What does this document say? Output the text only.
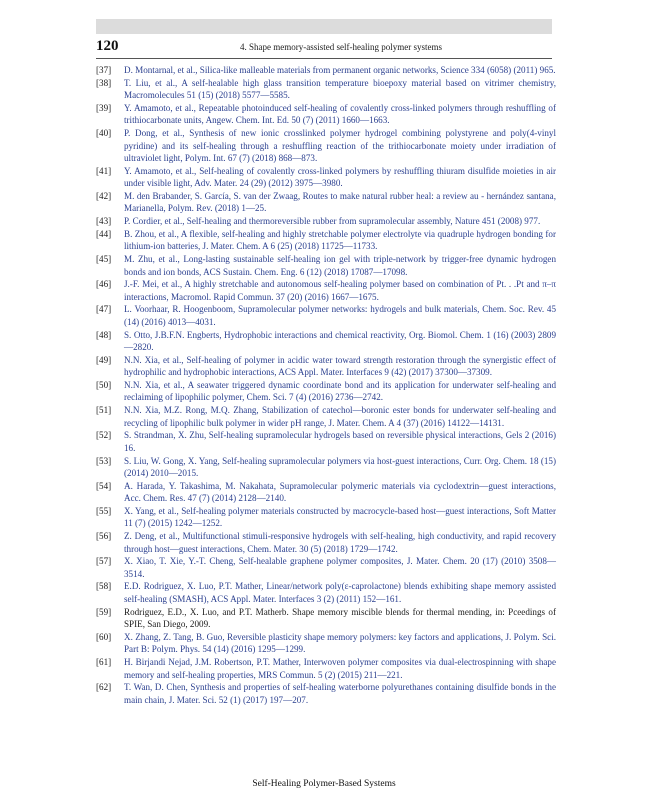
120	4. Shape memory-assisted self-healing polymer systems
[37]	D. Montarnal, et al., Silica-like malleable materials from permanent organic networks, Science 334 (6058) (2011) 965.
[38]	T. Liu, et al., A self-healable high glass transition temperature bioepoxy material based on vitrimer chemistry, Macromolecules 51 (15) (2018) 5577—5585.
[39]	Y. Amamoto, et al., Repeatable photoinduced self-healing of covalently cross-linked polymers through reshuffling of trithiocarbonate units, Angew. Chem. Int. Ed. 50 (7) (2011) 1660—1663.
[40]	P. Dong, et al., Synthesis of new ionic crosslinked polymer hydrogel combining polystyrene and poly(4-vinyl pyridine) and its self-healing through a reshuffling reaction of the trithiocarbonate moiety under irradiation of ultraviolet light, Polym. Int. 67 (7) (2018) 868—873.
[41]	Y. Amamoto, et al., Self-healing of covalently cross-linked polymers by reshuffling thiuram disulfide moieties in air under visible light, Adv. Mater. 24 (29) (2012) 3975—3980.
[42]	M. den Brabander, S. García, S. van der Zwaag, Routes to make natural rubber heal: a review au - hernández santana, Marianella, Polym. Rev. (2018) 1—25.
[43]	P. Cordier, et al., Self-healing and thermoreversible rubber from supramolecular assembly, Nature 451 (2008) 977.
[44]	B. Zhou, et al., A flexible, self-healing and highly stretchable polymer electrolyte via quadruple hydrogen bonding for lithium-ion batteries, J. Mater. Chem. A 6 (25) (2018) 11725—11733.
[45]	M. Zhu, et al., Long-lasting sustainable self-healing ion gel with triple-network by trigger-free dynamic hydrogen bonds and ion bonds, ACS Sustain. Chem. Eng. 6 (12) (2018) 17087—17098.
[46]	J.-F. Mei, et al., A highly stretchable and autonomous self-healing polymer based on combination of Pt. . .Pt and π–π interactions, Macromol. Rapid Commun. 37 (20) (2016) 1667—1675.
[47]	L. Voorhaar, R. Hoogenboom, Supramolecular polymer networks: hydrogels and bulk materials, Chem. Soc. Rev. 45 (14) (2016) 4013—4031.
[48]	S. Otto, J.B.F.N. Engberts, Hydrophobic interactions and chemical reactivity, Org. Biomol. Chem. 1 (16) (2003) 2809—2820.
[49]	N.N. Xia, et al., Self-healing of polymer in acidic water toward strength restoration through the synergistic effect of hydrophilic and hydrophobic interactions, ACS Appl. Mater. Interfaces 9 (42) (2017) 37300—37309.
[50]	N.N. Xia, et al., A seawater triggered dynamic coordinate bond and its application for underwater self-healing and reclaiming of lipophilic polymer, Chem. Sci. 7 (4) (2016) 2736—2742.
[51]	N.N. Xia, M.Z. Rong, M.Q. Zhang, Stabilization of catechol—boronic ester bonds for underwater self-healing and recycling of lipophilic bulk polymer in wider pH range, J. Mater. Chem. A 4 (37) (2016) 14122—14131.
[52]	S. Strandman, X. Zhu, Self-healing supramolecular hydrogels based on reversible physical interactions, Gels 2 (2016) 16.
[53]	S. Liu, W. Gong, X. Yang, Self-healing supramolecular polymers via host-guest interactions, Curr. Org. Chem. 18 (15) (2014) 2010—2015.
[54]	A. Harada, Y. Takashima, M. Nakahata, Supramolecular polymeric materials via cyclodextrin—guest interactions, Acc. Chem. Res. 47 (7) (2014) 2128—2140.
[55]	X. Yang, et al., Self-healing polymer materials constructed by macrocycle-based host—guest interactions, Soft Matter 11 (7) (2015) 1242—1252.
[56]	Z. Deng, et al., Multifunctional stimuli-responsive hydrogels with self-healing, high conductivity, and rapid recovery through host—guest interactions, Chem. Mater. 30 (5) (2018) 1729—1742.
[57]	X. Xiao, T. Xie, Y.-T. Cheng, Self-healable graphene polymer composites, J. Mater. Chem. 20 (17) (2010) 3508—3514.
[58]	E.D. Rodriguez, X. Luo, P.T. Mather, Linear/network poly(ε-caprolactone) blends exhibiting shape memory assisted self-healing (SMASH), ACS Appl. Mater. Interfaces 3 (2) (2011) 152—161.
[59]	Rodriguez, E.D., X. Luo, and P.T. Matherb. Shape memory miscible blends for thermal mending, in: Pceedings of SPIE, San Diego, 2009.
[60]	X. Zhang, Z. Tang, B. Guo, Reversible plasticity shape memory polymers: key factors and applications, J. Polym. Sci. Part B: Polym. Phys. 54 (14) (2016) 1295—1299.
[61]	H. Birjandi Nejad, J.M. Robertson, P.T. Mather, Interwoven polymer composites via dual-electrospinning with shape memory and self-healing properties, MRS Commun. 5 (2) (2015) 211—221.
[62]	T. Wan, D. Chen, Synthesis and properties of self-healing waterborne polyurethanes containing disulfide bonds in the main chain, J. Mater. Sci. 52 (1) (2017) 197—207.
Self-Healing Polymer-Based Systems
